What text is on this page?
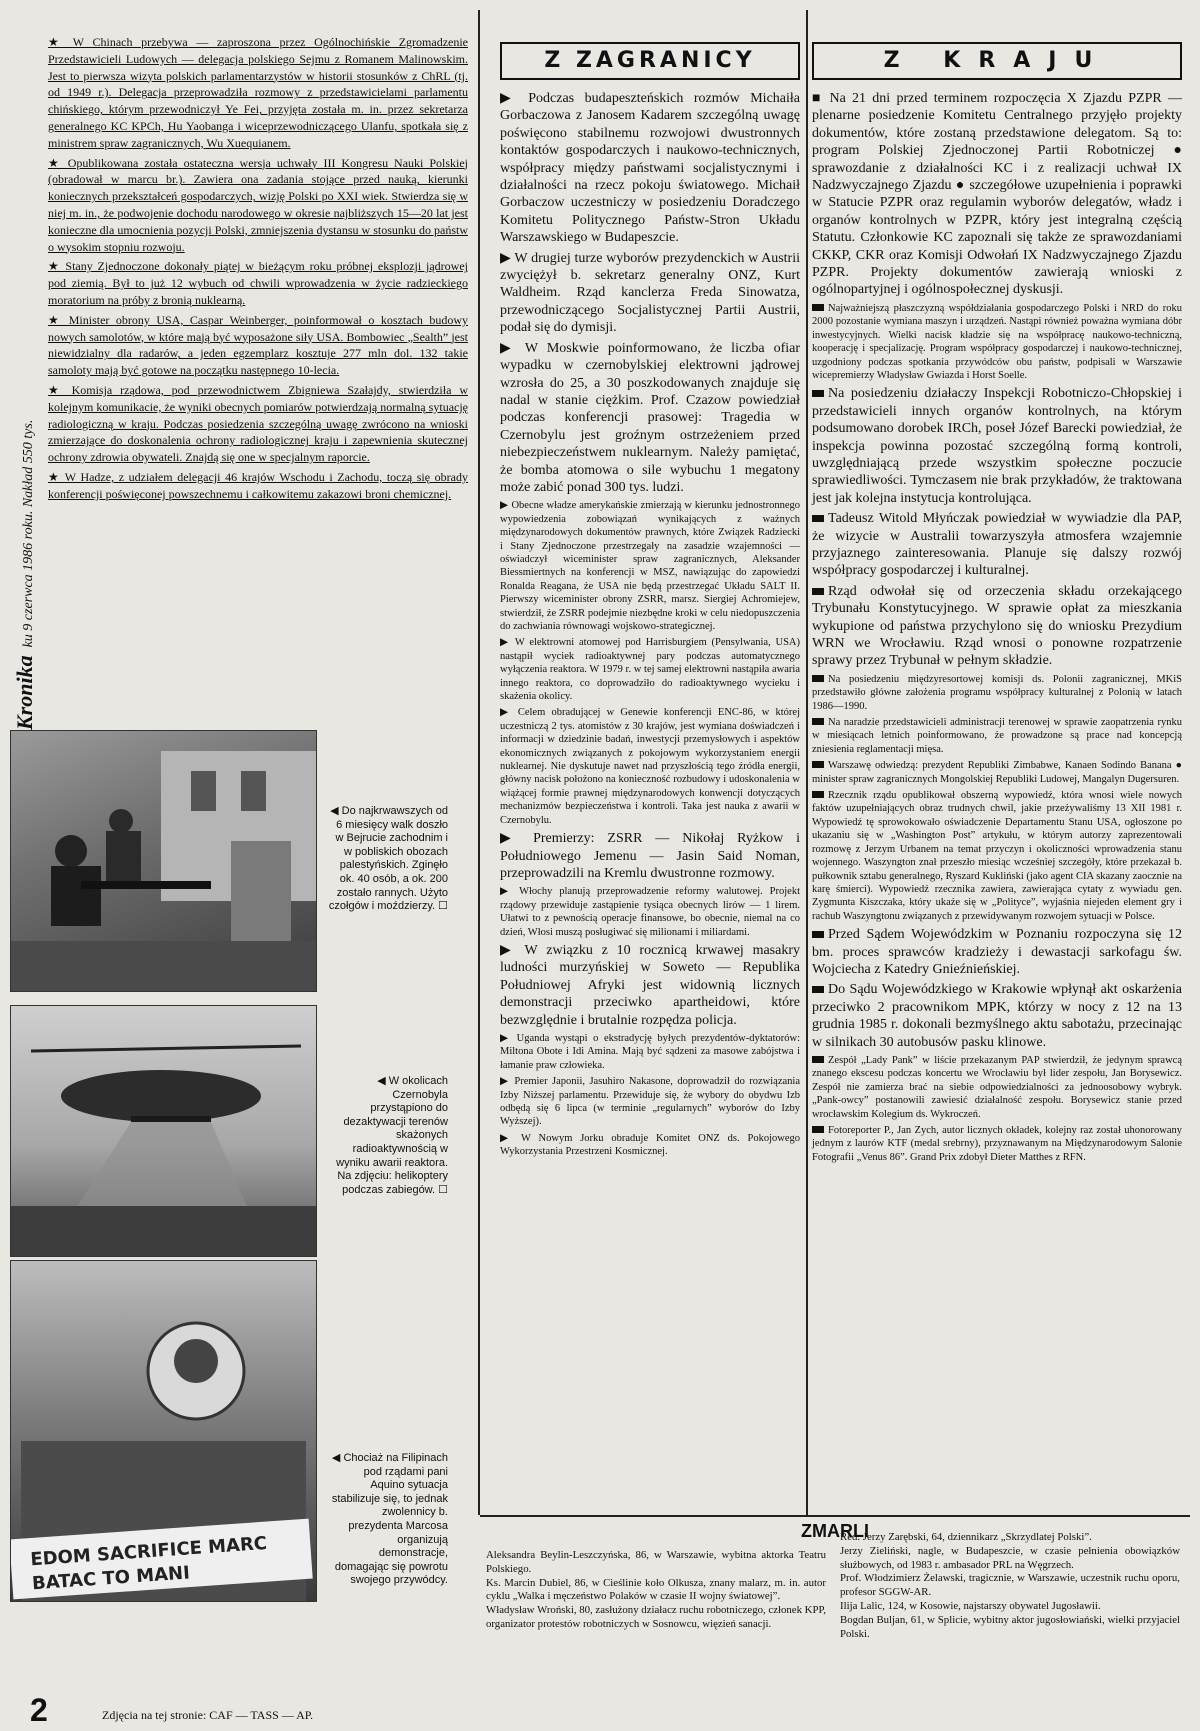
Kronikaku 9 czerwca 1986 roku. Nakład 550 tys.

★ W Chinach przebywa — zaproszona przez Ogólnochińskie Zgromadzenie Przedstawicieli Ludowych — delegacja polskiego Sejmu z Romanem Malinowskim. Jest to pierwsza wizyta polskich parlamentarzystów w historii stosunków z ChRL (tj. od 1949 r.). Delegacja przeprowadziła rozmowy z przedstawicielami parlamentu chińskiego, którym przewodniczył Ye Fei, przyjęta została m. in. przez sekretarza generalnego KC KPCh, Hu Yaobanga i wiceprzewodniczącego Ulanfu, spotkała się z ministrem spraw zagranicznych, Wu Xuequianem.

★ Opublikowana została ostateczna wersja uchwały III Kongresu Nauki Polskiej (obradował w marcu br.). Zawiera ona zadania stojące przed nauką, kierunki koniecznych przekształceń gospodarczych, wizję Polski po XXI wiek. Stwierdza się w niej m. in., że podwojenie dochodu narodowego w okresie najbliższych 15—20 lat jest konieczne dla umocnienia pozycji Polski, zmniejszenia dystansu w stosunku do państw o wysokim stopniu rozwoju.

★ Stany Zjednoczone dokonały piątej w bieżącym roku próbnej eksplozji jądrowej pod ziemią. Był to już 12 wybuch od chwili wprowadzenia w życie radzieckiego moratorium na próby z bronią nuklearną.

★ Minister obrony USA, Caspar Weinberger, poinformował o kosztach budowy nowych samolotów, w które mają być wyposażone siły USA. Bombowiec „Sealth” jest niewidzialny dla radarów, a jeden egzemplarz kosztuje 277 mln dol. 132 takie samoloty mają być gotowe na początku następnego 10-lecia.

★ Komisja rządowa, pod przewodnictwem Zbigniewa Szałajdy, stwierdziła w kolejnym komunikacie, że wyniki obecnych pomiarów potwierdzają normalną sytuację radiologiczną w kraju. Podczas posiedzenia szczególną uwagę zwrócono na wnioski zmierzające do doskonalenia ochrony radiologicznej kraju i zapewnienia skutecznej ochrony zdrowia obywateli. Znajdą się one w specjalnym raporcie.

★ W Hadze, z udziałem delegacji 46 krajów Wschodu i Zachodu, toczą się obrady konferencji poświęconej powszechnemu i całkowitemu zakazowi broni chemicznej.

◀ Do najkrwawszych od 6 miesięcy walk doszło w Bejrucie zachodnim i w pobliskich obozach palestyńskich. Zginęło ok. 40 osób, a ok. 200 zostało rannych. Użyto czołgów i moździerzy. ☐
◀ W okolicach Czernobyla przystąpiono do dezaktywacji terenów skażonych radioaktywnością w wyniku awarii reaktora. Na zdjęciu: helikoptery podczas zabiegów. ☐
EDOM SACRIFICE MARC
BATAC TO MANI
◀ Chociaż na Filipinach pod rządami pani Aquino sytuacja stabilizuje się, to jednak zwolennicy b. prezydenta Marcosa organizują demonstracje, domagając się powrotu swojego przywódcy.
Z ZAGRANICY

▶ Podczas budapeszteńskich rozmów Michaiła Gorbaczowa z Janosem Kadarem szczególną uwagę poświęcono stabilnemu rozwojowi dwustronnych kontaktów gospodarczych i naukowo-technicznych, współpracy między państwami socjalistycznymi i działalności na rzecz pokoju światowego. Michaił Gorbaczow uczestniczy w posiedzeniu Doradczego Komitetu Politycznego Państw-Stron Układu Warszawskiego w Budapeszcie.

▶ W drugiej turze wyborów prezydenckich w Austrii zwyciężył b. sekretarz generalny ONZ, Kurt Waldheim. Rząd kanclerza Freda Sinowatza, przewodniczącego Socjalistycznej Partii Austrii, podał się do dymisji.

▶ W Moskwie poinformowano, że liczba ofiar wypadku w czernobylskiej elektrowni jądrowej wzrosła do 25, a 30 poszkodowanych znajduje się nadal w stanie ciężkim. Prof. Czazow powiedział podczas konferencji prasowej: Tragedia w Czernobylu jest groźnym ostrzeżeniem przed niebezpieczeństwem nuklearnym. Należy pamiętać, że bomba atomowa o sile wybuchu 1 megatony może zabić ponad 300 tys. ludzi.

▶ Obecne władze amerykańskie zmierzają w kierunku jednostronnego wypowiedzenia zobowiązań wynikających z ważnych międzynarodowych dokumentów prawnych, które Związek Radziecki i Stany Zjednoczone przestrzegały na zasadzie wzajemności — oświadczył wiceminister spraw zagranicznych, Aleksander Biessmiertnych na konferencji w MSZ, nawiązując do zapowiedzi Ronalda Reagana, że USA nie będą przestrzegać Układu SALT II. Pierwszy wiceminister obrony ZSRR, marsz. Siergiej Achromiejew, stwierdził, że ZSRR podejmie niezbędne kroki w celu niedopuszczenia do zachwiania równowagi wojskowo-strategicznej.

▶ W elektrowni atomowej pod Harrisburgiem (Pensylwania, USA) nastąpił wyciek radioaktywnej pary podczas automatycznego wyłączenia reaktora. W 1979 r. w tej samej elektrowni nastąpiła awaria innego reaktora, co doprowadziło do radioaktywnego wycieku i skażenia okolicy.

▶ Celem obradującej w Genewie konferencji ENC-86, w której uczestniczą 2 tys. atomistów z 30 krajów, jest wymiana doświadczeń i informacji w dziedzinie badań, inwestycji przemysłowych i aspektów ekonomicznych związanych z pokojowym wykorzystaniem energii nuklearnej. Nie dyskutuje nawet nad przyszłością tego źródła energii, główny nacisk położono na konieczność rozbudowy i udoskonalenia w wiążącej formie prawnej międzynarodowych konwencji dotyczących mechanizmów bezpieczeństwa i kontroli. Taka jest nauka z awarii w Czernobylu.

▶ Premierzy: ZSRR — Nikołaj Ryżkow i Południowego Jemenu — Jasin Said Noman, przeprowadzili na Kremlu dwustronne rozmowy.

▶ Włochy planują przeprowadzenie reformy walutowej. Projekt rządowy przewiduje zastąpienie tysiąca obecnych lirów — 1 lirem. Ułatwi to z pewnością operacje finansowe, bo obecnie, niemal na co dzień, Włosi muszą posługiwać się milionami i miliardami.

▶ W związku z 10 rocznicą krwawej masakry ludności murzyńskiej w Soweto — Republika Południowej Afryki jest widownią licznych demonstracji przeciwko apartheidowi, które bezwzględnie i brutalnie rozpędza policja.

▶ Uganda wystąpi o ekstradycję byłych prezydentów-dyktatorów: Miltona Obote i Idi Amina. Mają być sądzeni za masowe zabójstwa i łamanie praw człowieka.

▶ Premier Japonii, Jasuhiro Nakasone, doprowadził do rozwiązania Izby Niższej parlamentu. Przewiduje się, że wybory do obydwu Izb odbędą się 6 lipca (w terminie „regularnych” wyborów do Izby Wyższej).

▶ W Nowym Jorku obraduje Komitet ONZ ds. Pokojowego Wykorzystania Przestrzeni Kosmicznej.

Z KRAJU

■ Na 21 dni przed terminem rozpoczęcia X Zjazdu PZPR — plenarne posiedzenie Komitetu Centralnego przyjęło projekty dokumentów, które zostaną przedstawione delegatom. Są to: program Polskiej Zjednoczonej Partii Robotniczej ● sprawozdanie z działalności KC i z realizacji uchwał IX Nadzwyczajnego Zjazdu ● szczegółowe uzupełnienia i poprawki w Statucie PZPR oraz regulamin wyborów delegatów, władz i organów kontrolnych w PZPR, który jest integralną częścią Statutu. Członkowie KC zapoznali się także ze sprawozdaniami CKKP, CKR oraz Komisji Odwołań IX Nadzwyczajnego Zjazdu PZPR. Projekty dokumentów zawierają wnioski z ogólnopartyjnej i ogólnospołecznej dyskusji.

Najważniejszą płaszczyzną współdziałania gospodarczego Polski i NRD do roku 2000 pozostanie wymiana maszyn i urządzeń. Nastąpi również poważna wymiana dóbr inwestycyjnych. Wielki nacisk kładzie się na współpracę naukowo-techniczną, kooperację i specjalizację. Program współpracy gospodarczej i naukowo-technicznej, uzgodniony podczas spotkania przywódców obu państw, podpisali w Warszawie wicepremierzy Władysław Gwiazda i Horst Soelle.

Na posiedzeniu działaczy Inspekcji Robotniczo-Chłopskiej i przedstawicieli innych organów kontrolnych, na którym podsumowano dorobek IRCh, poseł Józef Barecki powiedział, że inspekcja powinna pozostać szczególną formą kontroli, uwzględniającą przede wszystkim społeczne poczucie sprawiedliwości. Tymczasem nie brak przykładów, że traktowana jest jak kolejna instytucja kontrolująca.

Tadeusz Witold Młyńczak powiedział w wywiadzie dla PAP, że wizycie w Australii towarzyszyła atmosfera wzajemnie przyjaznego zainteresowania. Planuje się dalszy rozwój współpracy gospodarczej i kulturalnej.

Rząd odwołał się od orzeczenia składu orzekającego Trybunału Konstytucyjnego. W sprawie opłat za mieszkania wykupione od państwa przychylono się do wniosku Prezydium WRN we Wrocławiu. Rząd wnosi o ponowne rozpatrzenie sprawy przez Trybunał w pełnym składzie.

Na posiedzeniu międzyresortowej komisji ds. Polonii zagranicznej, MKiS przedstawiło główne założenia programu współpracy kulturalnej z Polonią w latach 1986—1990.

Na naradzie przedstawicieli administracji terenowej w sprawie zaopatrzenia rynku w miesiącach letnich poinformowano, że prowadzone są prace nad koncepcją zniesienia reglamentacji mięsa.

Warszawę odwiedzą: prezydent Republiki Zimbabwe, Kanaen Sodindo Banana ● minister spraw zagranicznych Mongolskiej Republiki Ludowej, Mangalyn Dugersuren.

Rzecznik rządu opublikował obszerną wypowiedź, która wnosi wiele nowych faktów uzupełniających obraz trudnych chwil, jakie przeżywaliśmy 13 XII 1981 r. Wypowiedź tę sprowokowało oświadczenie Departamentu Stanu USA, ogłoszone po ukazaniu się w „Washington Post” artykułu, w którym autorzy zaprezentowali rozmowę z Jerzym Urbanem na temat przyczyn i okoliczności wprowadzenia stanu wojennego. Waszyngton znał przeszło miesiąc wcześniej szczegóły, które przekazał b. pułkownik sztabu generalnego, Ryszard Kukliński (jako agent CIA skazany zaocznie na karę śmierci). Wypowiedź rzecznika zawiera, zawierająca cytaty z wywiadu gen. Zygmunta Kiszczaka, który ukaże się w „Polityce”, wyjaśnia niejeden element gry i rachub Waszyngtonu związanych z przewidywanym rozwojem sytuacji w Polsce.

Przed Sądem Wojewódzkim w Poznaniu rozpoczyna się 12 bm. proces sprawców kradzieży i dewastacji sarkofagu św. Wojciecha z Katedry Gnieźnieńskiej.

Do Sądu Wojewódzkiego w Krakowie wpłynął akt oskarżenia przeciwko 2 pracownikom MPK, którzy w nocy z 12 na 13 grudnia 1985 r. dokonali bezmyślnego aktu sabotażu, przecinając w silnikach 30 autobusów pasku klinowe.

Zespół „Lady Pank” w liście przekazanym PAP stwierdził, że jedynym sprawcą znanego ekscesu podczas koncertu we Wrocławiu był lider zespołu, Jan Borysewicz. Zespół nie zamierza brać na siebie odpowiedzialności za jednoosobowy wybryk. „Pank-owcy” postanowili zawiesić działalność zespołu. Borysewicz stanie przed wrocławskim Kolegium ds. Wykroczeń.

Fotoreporter P., Jan Zych, autor licznych okładek, kolejny raz został uhonorowany jednym z laurów KTF (medal srebrny), przyznawanym na Międzynarodowym Salonie Fotografii „Venus 86”. Grand Prix zdobył Dieter Matthes z RFN.

ZMARLI
Aleksandra Beylin-Leszczyńska, 86, w Warszawie, wybitna aktorka Teatru Polskiego.
Ks. Marcin Dubiel, 86, w Cieślinie koło Olkusza, znany malarz, m. in. autor cyklu „Walka i męczeństwo Polaków w czasie II wojny światowej”.
Władysław Wroński, 80, zasłużony działacz ruchu robotniczego, członek KPP, organizator protestów robotniczych w Sosnowcu, więzień sanacji.
Red. Jerzy Zarębski, 64, dziennikarz „Skrzydlatej Polski”.
Jerzy Zieliński, nagle, w Budapeszcie, w czasie pełnienia obowiązków służbowych, od 1983 r. ambasador PRL na Węgrzech.
Prof. Włodzimierz Żelawski, tragicznie, w Warszawie, uczestnik ruchu oporu, profesor SGGW-AR.
Ilija Lalic, 124, w Kosowie, najstarszy obywatel Jugosławii.
Bogdan Buljan, 61, w Splicie, wybitny aktor jugosłowiański, wielki przyjaciel Polski.
2	Zdjęcia na tej stronie: CAF — TASS — AP.
